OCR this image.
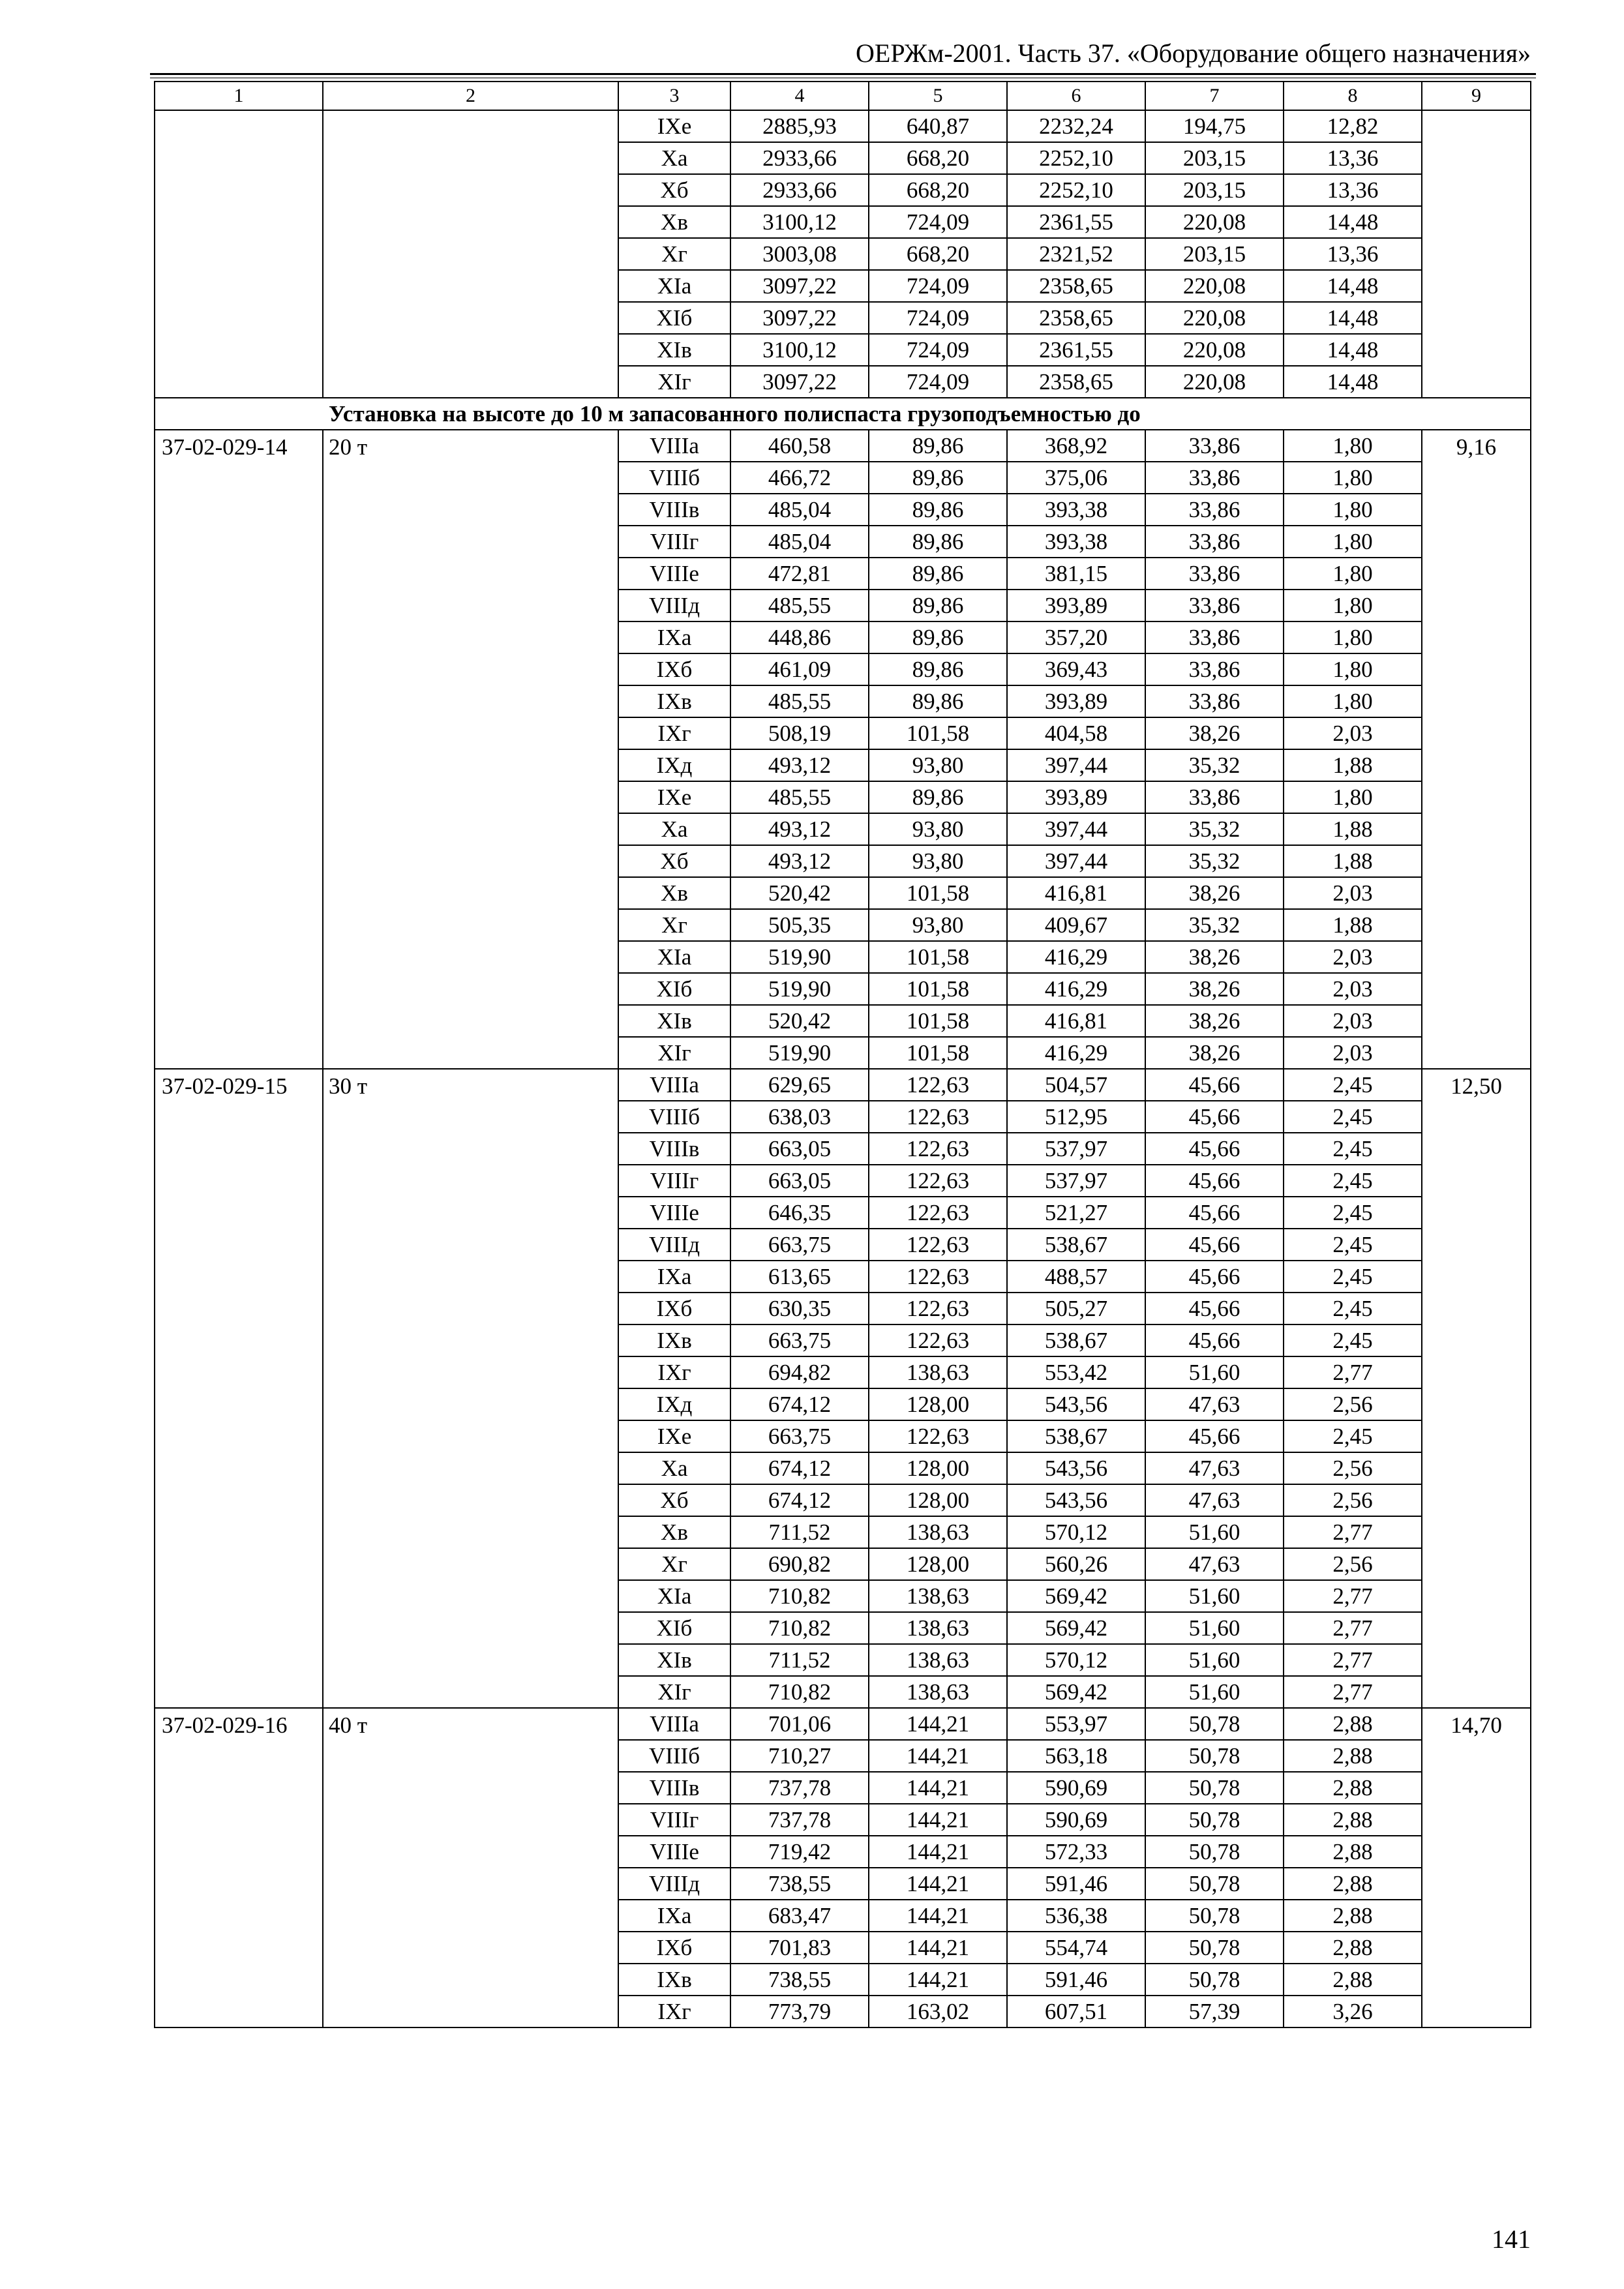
ОЕРЖм-2001. Часть 37. «Оборудование общего назначения»
1	2	3	4	5	6	7	8	9
		IXе	2885,93	640,87	2232,24	194,75	12,82	
		Xа	2933,66	668,20	2252,10	203,15	13,36	
		Xб	2933,66	668,20	2252,10	203,15	13,36	
		Xв	3100,12	724,09	2361,55	220,08	14,48	
		Xг	3003,08	668,20	2321,52	203,15	13,36	
		XIа	3097,22	724,09	2358,65	220,08	14,48	
		XIб	3097,22	724,09	2358,65	220,08	14,48	
		XIв	3100,12	724,09	2361,55	220,08	14,48	
		XIг	3097,22	724,09	2358,65	220,08	14,48	
Установка на высоте до 10 м запасованного полиспаста грузоподъемностью до								
37-02-029-14	20 т	VIIIа	460,58	89,86	368,92	33,86	1,80	9,16
		VIIIб	466,72	89,86	375,06	33,86	1,80	
		VIIIв	485,04	89,86	393,38	33,86	1,80	
		VIIIг	485,04	89,86	393,38	33,86	1,80	
		VIIIе	472,81	89,86	381,15	33,86	1,80	
		VIIIд	485,55	89,86	393,89	33,86	1,80	
		IXа	448,86	89,86	357,20	33,86	1,80	
		IXб	461,09	89,86	369,43	33,86	1,80	
		IXв	485,55	89,86	393,89	33,86	1,80	
		IXг	508,19	101,58	404,58	38,26	2,03	
		IXд	493,12	93,80	397,44	35,32	1,88	
		IXе	485,55	89,86	393,89	33,86	1,80	
		Xа	493,12	93,80	397,44	35,32	1,88	
		Xб	493,12	93,80	397,44	35,32	1,88	
		Xв	520,42	101,58	416,81	38,26	2,03	
		Xг	505,35	93,80	409,67	35,32	1,88	
		XIа	519,90	101,58	416,29	38,26	2,03	
		XIб	519,90	101,58	416,29	38,26	2,03	
		XIв	520,42	101,58	416,81	38,26	2,03	
		XIг	519,90	101,58	416,29	38,26	2,03	
37-02-029-15	30 т	VIIIа	629,65	122,63	504,57	45,66	2,45	12,50
		VIIIб	638,03	122,63	512,95	45,66	2,45	
		VIIIв	663,05	122,63	537,97	45,66	2,45	
		VIIIг	663,05	122,63	537,97	45,66	2,45	
		VIIIе	646,35	122,63	521,27	45,66	2,45	
		VIIIд	663,75	122,63	538,67	45,66	2,45	
		IXа	613,65	122,63	488,57	45,66	2,45	
		IXб	630,35	122,63	505,27	45,66	2,45	
		IXв	663,75	122,63	538,67	45,66	2,45	
		IXг	694,82	138,63	553,42	51,60	2,77	
		IXд	674,12	128,00	543,56	47,63	2,56	
		IXе	663,75	122,63	538,67	45,66	2,45	
		Xа	674,12	128,00	543,56	47,63	2,56	
		Xб	674,12	128,00	543,56	47,63	2,56	
		Xв	711,52	138,63	570,12	51,60	2,77	
		Xг	690,82	128,00	560,26	47,63	2,56	
		XIа	710,82	138,63	569,42	51,60	2,77	
		XIб	710,82	138,63	569,42	51,60	2,77	
		XIв	711,52	138,63	570,12	51,60	2,77	
		XIг	710,82	138,63	569,42	51,60	2,77	
37-02-029-16	40 т	VIIIа	701,06	144,21	553,97	50,78	2,88	14,70
		VIIIб	710,27	144,21	563,18	50,78	2,88	
		VIIIв	737,78	144,21	590,69	50,78	2,88	
		VIIIг	737,78	144,21	590,69	50,78	2,88	
		VIIIе	719,42	144,21	572,33	50,78	2,88	
		VIIIд	738,55	144,21	591,46	50,78	2,88	
		IXа	683,47	144,21	536,38	50,78	2,88	
		IXб	701,83	144,21	554,74	50,78	2,88	
		IXв	738,55	144,21	591,46	50,78	2,88	
		IXг	773,79	163,02	607,51	57,39	3,26	
141
